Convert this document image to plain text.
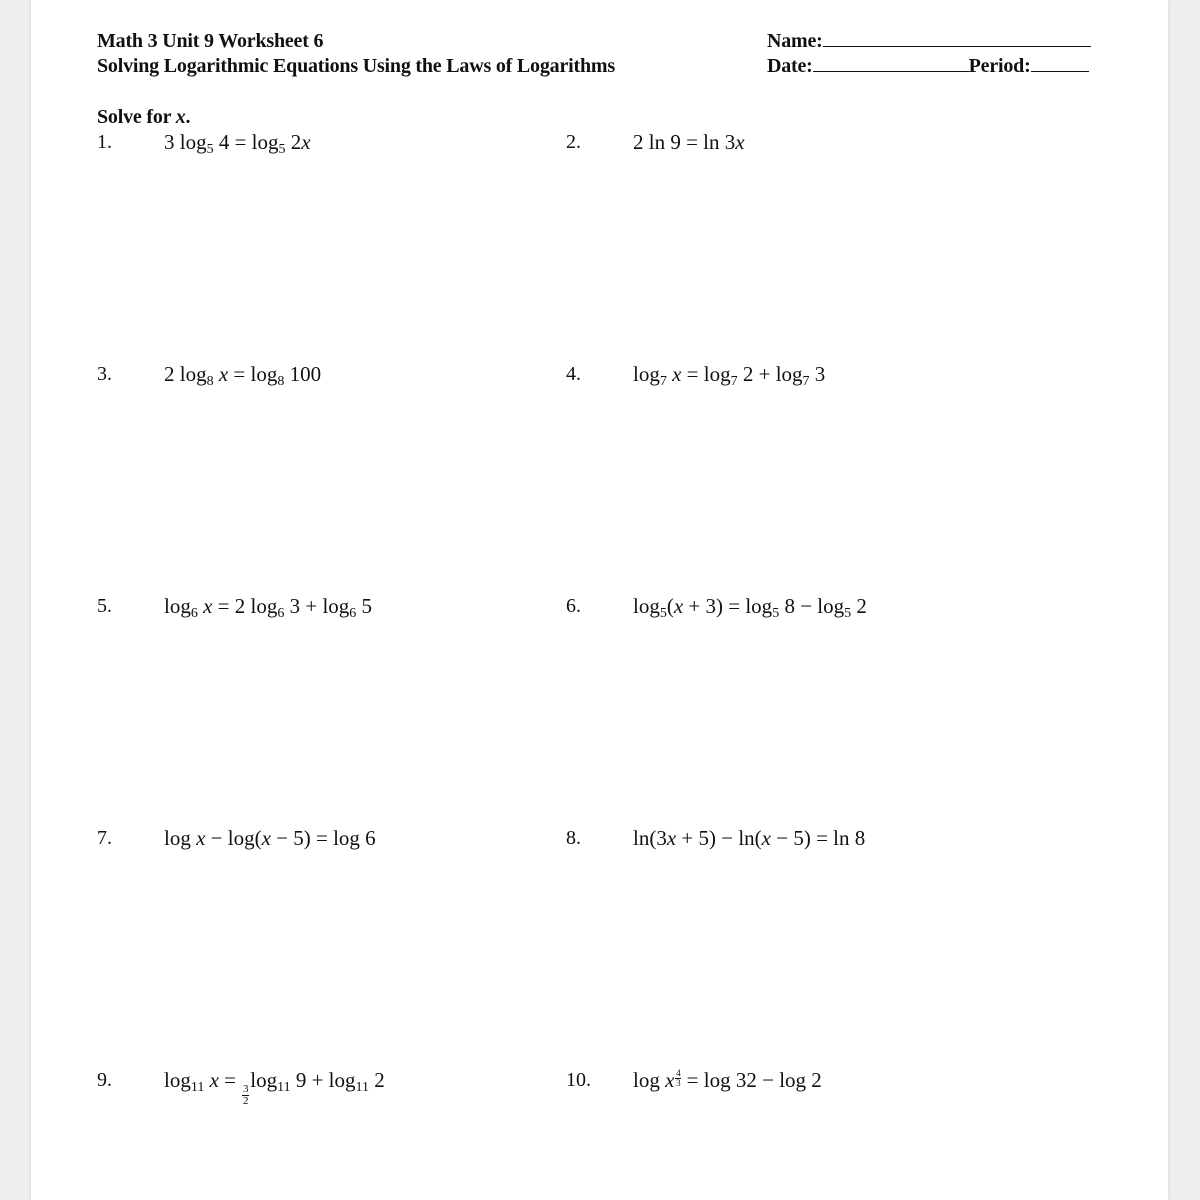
Math 3 Unit 9 Worksheet 6
Solving Logarithmic Equations Using the Laws of Logarithms
Name:
Date:	Period:
Solve for x.
1. 3 $\log_5 4 = \log_5 2x$	2. 2 ln 9 = ln 3x
3. 2 $\log_8 x = \log_8 100$	4. $\log_7 x = \log_7 2 + \log_7 3$
5. $\log_6 x = 2$ $\log_6 3 + \log_6 5$	6. $\log_5(x + 3) = \log_5 8 - \log_5 2$
7. log x − log(x − 5) = log 6	8. ln(3x + 5) − ln(x − 5) = ln 8
9. $\log_{11} x$ =
$\frac{3}{2}$
$\log_{11} 9 + \log_{11} 2$	10. log x $\frac{4}{3} = \log 32 - \log 2$
